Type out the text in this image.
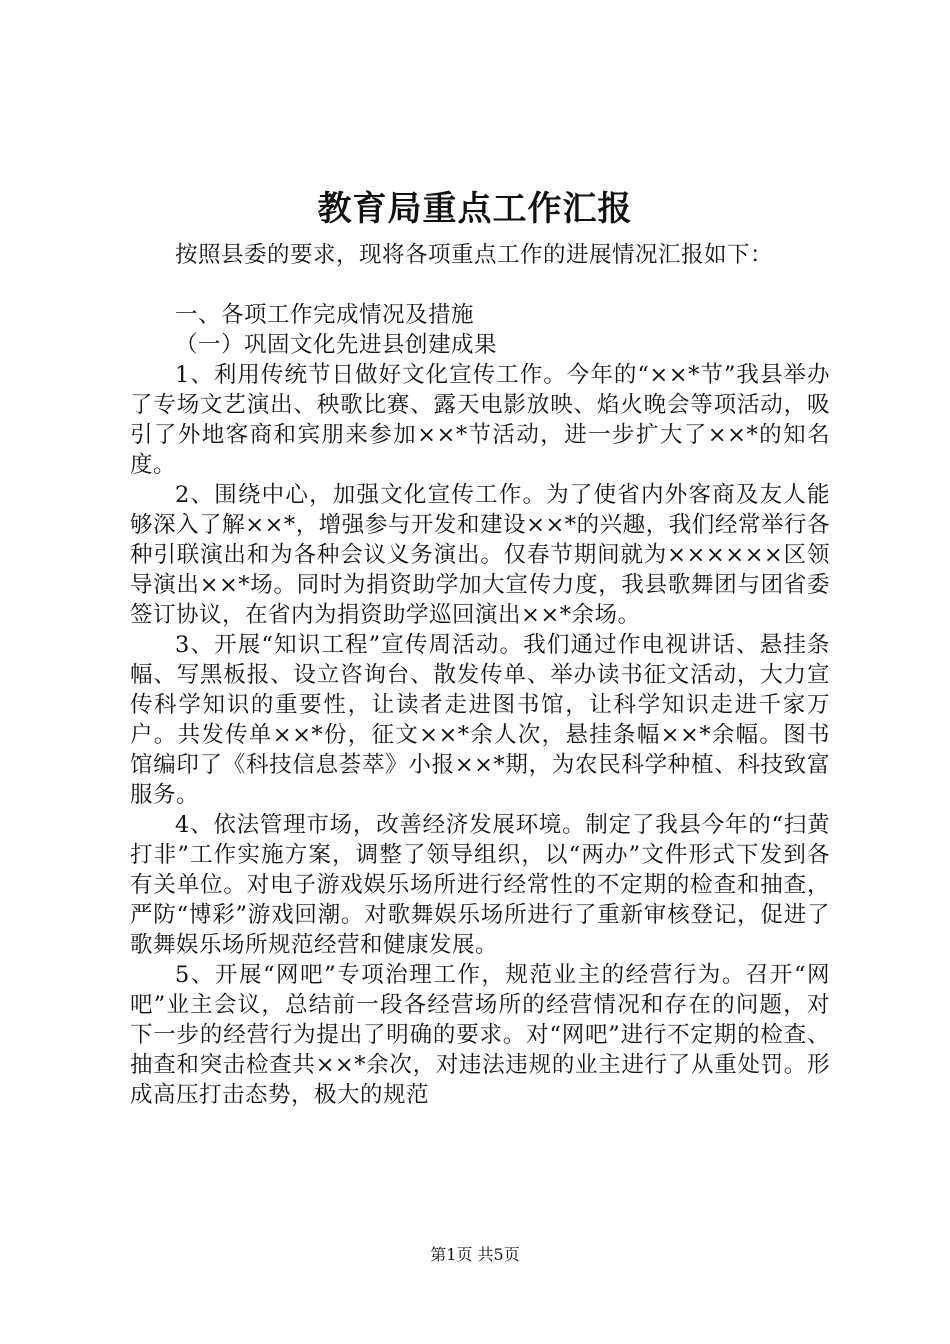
教育局重点工作汇报

按照县委的要求，现将各项重点工作的进展情况汇报如下：

一、各项工作完成情况及措施

（一）巩固文化先进县创建成果

1、利用传统节日做好文化宣传工作。今年的“××*节”我县举办了专场文艺演出、秧歌比赛、露天电影放映、焰火晚会等项活动，吸引了外地客商和宾朋来参加××*节活动，进一步扩大了××*的知名度。

2、围绕中心，加强文化宣传工作。为了使省内外客商及友人能够深入了解××*，增强参与开发和建设××*的兴趣，我们经常举行各种引联演出和为各种会议义务演出。仅春节期间就为××××××区领导演出××*场。同时为捐资助学加大宣传力度，我县歌舞团与团省委签订协议，在省内为捐资助学巡回演出××*余场。

3、开展“知识工程”宣传周活动。我们通过作电视讲话、悬挂条幅、写黑板报、设立咨询台、散发传单、举办读书征文活动，大力宣传科学知识的重要性，让读者走进图书馆，让科学知识走进千家万户。共发传单××*份，征文××*余人次，悬挂条幅××*余幅。图书馆编印了《科技信息荟萃》小报××*期，为农民科学种植、科技致富服务。

4、依法管理市场，改善经济发展环境。制定了我县今年的“扫黄打非”工作实施方案，调整了领导组织，以“两办”文件形式下发到各有关单位。对电子游戏娱乐场所进行经常性的不定期的检查和抽查，严防“博彩”游戏回潮。对歌舞娱乐场所进行了重新审核登记，促进了歌舞娱乐场所规范经营和健康发展。

5、开展“网吧”专项治理工作，规范业主的经营行为。召开“网吧”业主会议，总结前一段各经营场所的经营情况和存在的问题，对下一步的经营行为提出了明确的要求。对“网吧”进行不定期的检查、抽查和突击检查共××*余次，对违法违规的业主进行了从重处罚。形成高压打击态势，极大的规范

第1页 共5页
